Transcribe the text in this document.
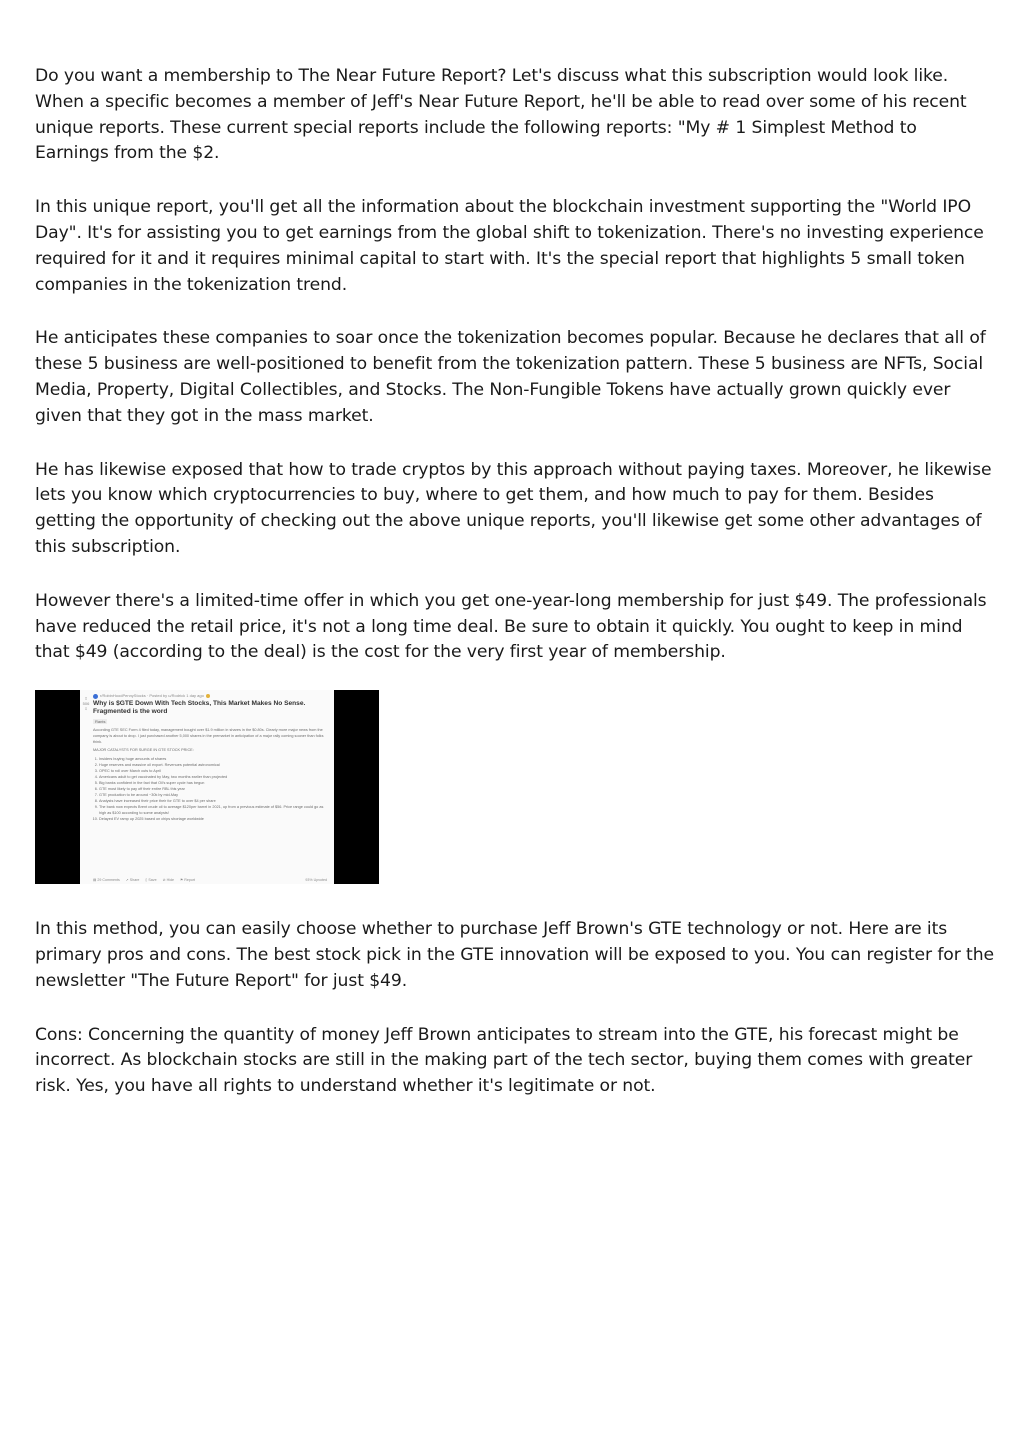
Do you want a membership to The Near Future Report? Let's discuss what this subscription would look like. When a specific becomes a member of Jeff's Near Future Report, he'll be able to read over some of his recent unique reports. These current special reports include the following reports: "My # 1 Simplest Method to Earnings from the $2.

In this unique report, you'll get all the information about the blockchain investment supporting the "World IPO Day". It's for assisting you to get earnings from the global shift to tokenization. There's no investing experience required for it and it requires minimal capital to start with. It's the special report that highlights 5 small token companies in the tokenization trend.

He anticipates these companies to soar once the tokenization becomes popular. Because he declares that all of these 5 business are well-positioned to benefit from the tokenization pattern. These 5 business are NFTs, Social Media, Property, Digital Collectibles, and Stocks. The Non-Fungible Tokens have actually grown quickly ever given that they got in the mass market.

He has likewise exposed that how to trade cryptos by this approach without paying taxes. Moreover, he likewise lets you know which cryptocurrencies to buy, where to get them, and how much to pay for them. Besides getting the opportunity of checking out the above unique reports, you'll likewise get some other advantages of this subscription.

However there's a limited-time offer in which you get one-year-long membership for just $49. The professionals have reduced the retail price, it's not a long time deal. Be sure to obtain it quickly. You ought to keep in mind that $49 (according to the deal) is the cost for the very first year of membership.

⇧
506
⇩
r/RobinHoodPennyStocks · Posted by u/Rodrick 1 day ago
Why is $GTE Down With Tech Stocks, This Market Makes No Sense. Fragmented is the word
Rants

According GTE SEC Form 4 filed today, management bought over $1.9 million in shares in the $0.80s. Clearly more major news from the company is about to drop. I just purchased another 5,000 shares in the premarket in anticipation of a major rally coming sooner than folks think.

MAJOR CATALYSTS FOR SURGE IN GTE STOCK PRICE:

1. Insiders buying huge amounts of shares
2. Huge reserves and massive oil export. Revenues potential astronomical
3. OPEC to roll over March cuts to April
4. Americans adult to get vaccinated by May, two months earlier than projected
5. Big banks confident in the fact that Oil's super cycle has begun
6. GTE most likely to pay off their entire RBL this year
7. GTE production to be around ~30k by mid-May
8. Analysts have increased their price their for GTE to over $4 per share
9. The bank now expects Brent crude oil to average $120per barrel in 2021, up from a previous estimate of $56. Price range could go as high as $100 according to some analysts!
10. Delayed EV ramp up 2025 based on chips shortage worldwide
▤ 29 Comments ➚ Share ▯ Save ⊘ Hide ⚑ Report	93% Upvoted

In this method, you can easily choose whether to purchase Jeff Brown's GTE technology or not. Here are its primary pros and cons. The best stock pick in the GTE innovation will be exposed to you. You can register for the newsletter "The Future Report" for just $49.

Cons: Concerning the quantity of money Jeff Brown anticipates to stream into the GTE, his forecast might be incorrect. As blockchain stocks are still in the making part of the tech sector, buying them comes with greater risk. Yes, you have all rights to understand whether it's legitimate or not.
